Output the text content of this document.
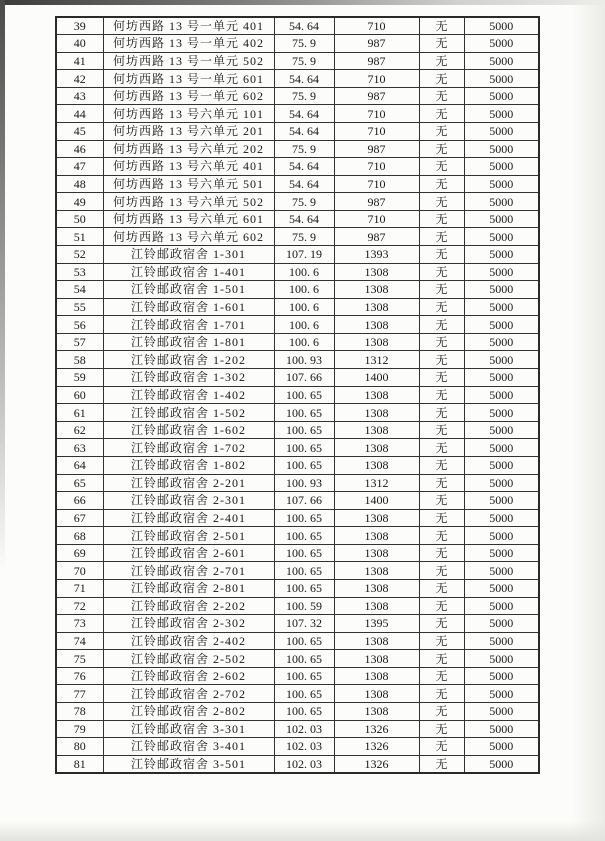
39	何坊西路 13 号一单元 401	54. 64	710	无	5000
40	何坊西路 13 号一单元 402	75. 9	987	无	5000
41	何坊西路 13 号一单元 502	75. 9	987	无	5000
42	何坊西路 13 号一单元 601	54. 64	710	无	5000
43	何坊西路 13 号一单元 602	75. 9	987	无	5000
44	何坊西路 13 号六单元 101	54. 64	710	无	5000
45	何坊西路 13 号六单元 201	54. 64	710	无	5000
46	何坊西路 13 号六单元 202	75. 9	987	无	5000
47	何坊西路 13 号六单元 401	54. 64	710	无	5000
48	何坊西路 13 号六单元 501	54. 64	710	无	5000
49	何坊西路 13 号六单元 502	75. 9	987	无	5000
50	何坊西路 13 号六单元 601	54. 64	710	无	5000
51	何坊西路 13 号六单元 602	75. 9	987	无	5000
52	江铃邮政宿舍 1-301	107. 19	1393	无	5000
53	江铃邮政宿舍 1-401	100. 6	1308	无	5000
54	江铃邮政宿舍 1-501	100. 6	1308	无	5000
55	江铃邮政宿舍 1-601	100. 6	1308	无	5000
56	江铃邮政宿舍 1-701	100. 6	1308	无	5000
57	江铃邮政宿舍 1-801	100. 6	1308	无	5000
58	江铃邮政宿舍 1-202	100. 93	1312	无	5000
59	江铃邮政宿舍 1-302	107. 66	1400	无	5000
60	江铃邮政宿舍 1-402	100. 65	1308	无	5000
61	江铃邮政宿舍 1-502	100. 65	1308	无	5000
62	江铃邮政宿舍 1-602	100. 65	1308	无	5000
63	江铃邮政宿舍 1-702	100. 65	1308	无	5000
64	江铃邮政宿舍 1-802	100. 65	1308	无	5000
65	江铃邮政宿舍 2-201	100. 93	1312	无	5000
66	江铃邮政宿舍 2-301	107. 66	1400	无	5000
67	江铃邮政宿舍 2-401	100. 65	1308	无	5000
68	江铃邮政宿舍 2-501	100. 65	1308	无	5000
69	江铃邮政宿舍 2-601	100. 65	1308	无	5000
70	江铃邮政宿舍 2-701	100. 65	1308	无	5000
71	江铃邮政宿舍 2-801	100. 65	1308	无	5000
72	江铃邮政宿舍 2-202	100. 59	1308	无	5000
73	江铃邮政宿舍 2-302	107. 32	1395	无	5000
74	江铃邮政宿舍 2-402	100. 65	1308	无	5000
75	江铃邮政宿舍 2-502	100. 65	1308	无	5000
76	江铃邮政宿舍 2-602	100. 65	1308	无	5000
77	江铃邮政宿舍 2-702	100. 65	1308	无	5000
78	江铃邮政宿舍 2-802	100. 65	1308	无	5000
79	江铃邮政宿舍 3-301	102. 03	1326	无	5000
80	江铃邮政宿舍 3-401	102. 03	1326	无	5000
81	江铃邮政宿舍 3-501	102. 03	1326	无	5000
